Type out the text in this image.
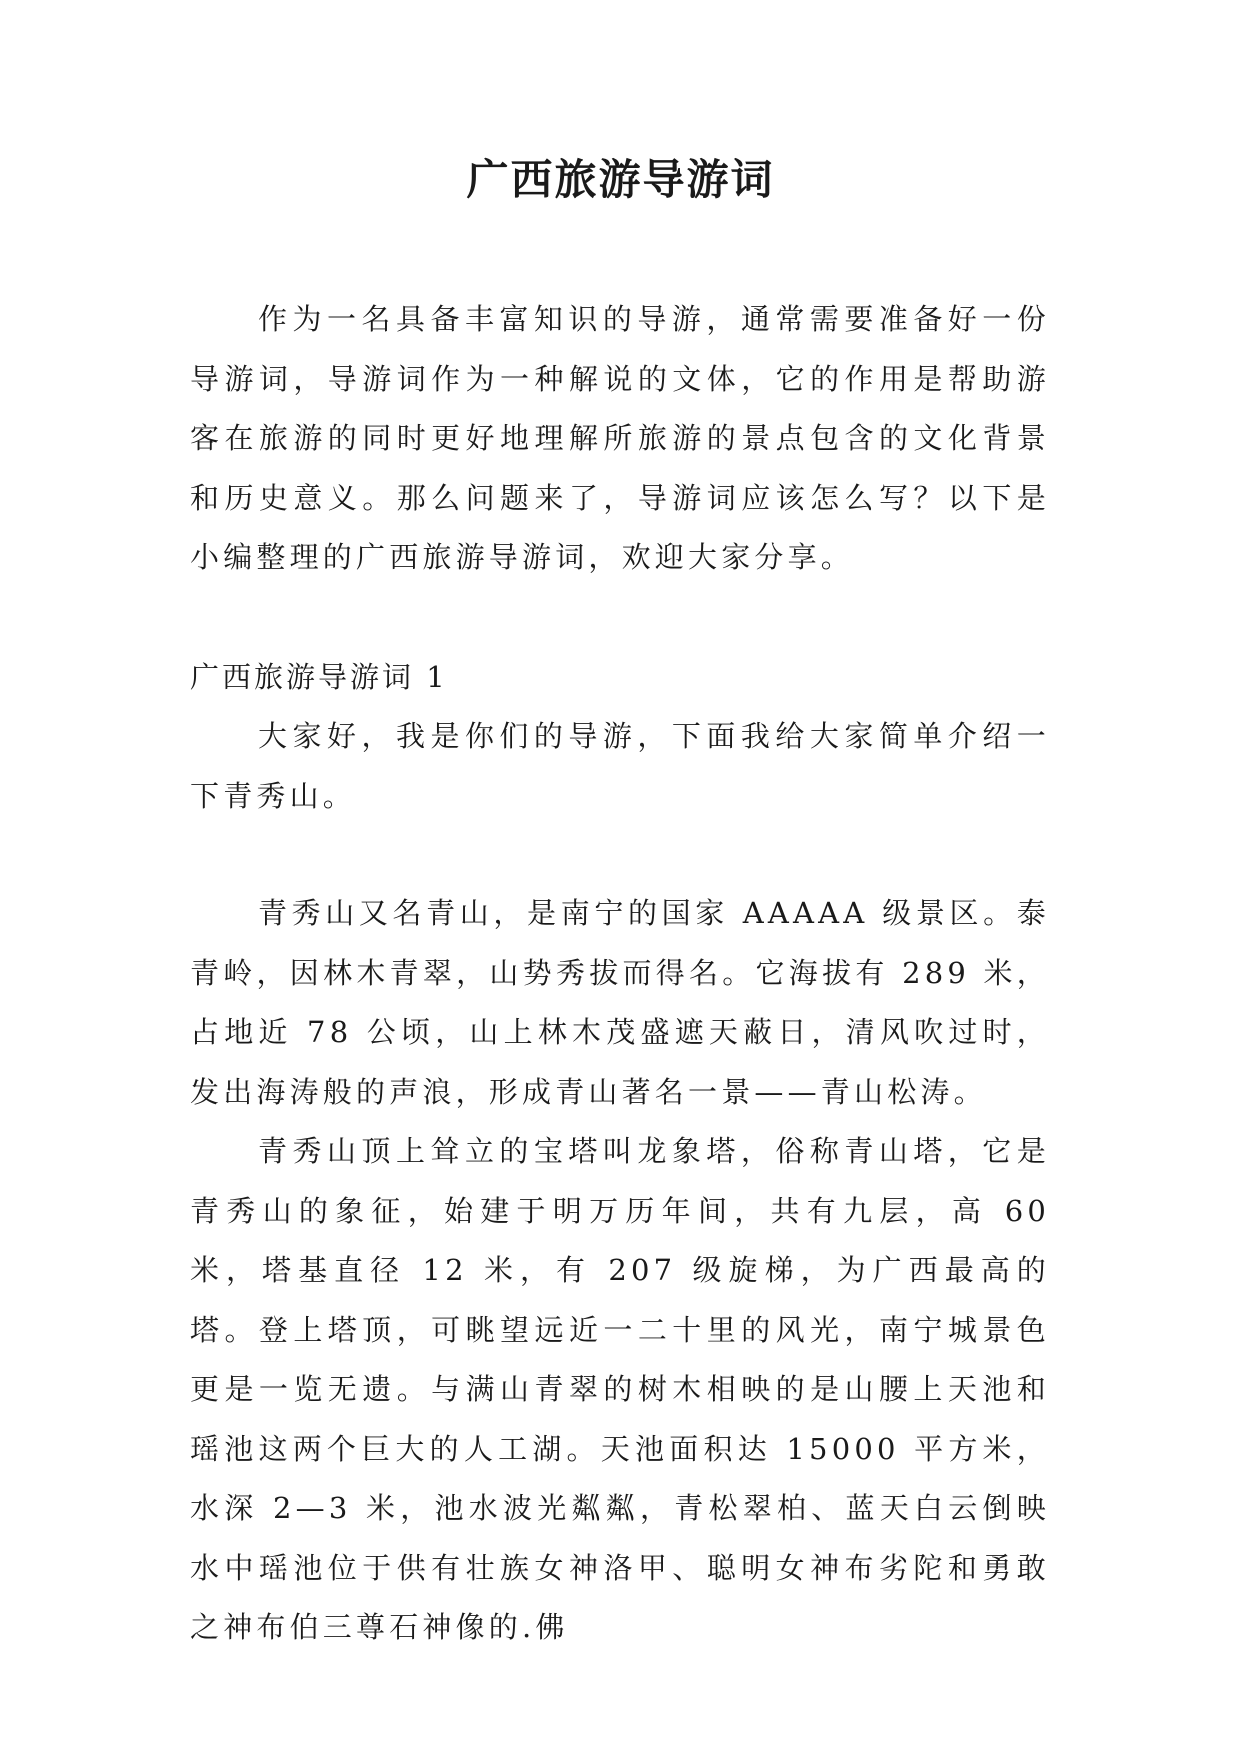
广西旅游导游词

作为一名具备丰富知识的导游，通常需要准备好一份导游词，导游词作为一种解说的文体，它的作用是帮助游客在旅游的同时更好地理解所旅游的景点包含的文化背景和历史意义。那么问题来了，导游词应该怎么写？以下是小编整理的广西旅游导游词，欢迎大家分享。

广西旅游导游词 1

大家好，我是你们的导游，下面我给大家简单介绍一下青秀山。

青秀山又名青山，是南宁的国家 AAAAA 级景区。泰青岭，因林木青翠，山势秀拔而得名。它海拔有 289 米，占地近 78 公顷，山上林木茂盛遮天蔽日，清风吹过时，发出海涛般的声浪，形成青山著名一景——青山松涛。

青秀山顶上耸立的宝塔叫龙象塔，俗称青山塔，它是青秀山的象征，始建于明万历年间，共有九层，高 60 米，塔基直径 12 米，有 207 级旋梯，为广西最高的塔。登上塔顶，可眺望远近一二十里的风光，南宁城景色更是一览无遗。与满山青翠的树木相映的是山腰上天池和瑶池这两个巨大的人工湖。天池面积达 15000 平方米，水深 2—3 米，池水波光粼粼，青松翠柏、蓝天白云倒映水中瑶池位于供有壮族女神洛甲、聪明女神布劣陀和勇敢之神布伯三尊石神像的.佛
